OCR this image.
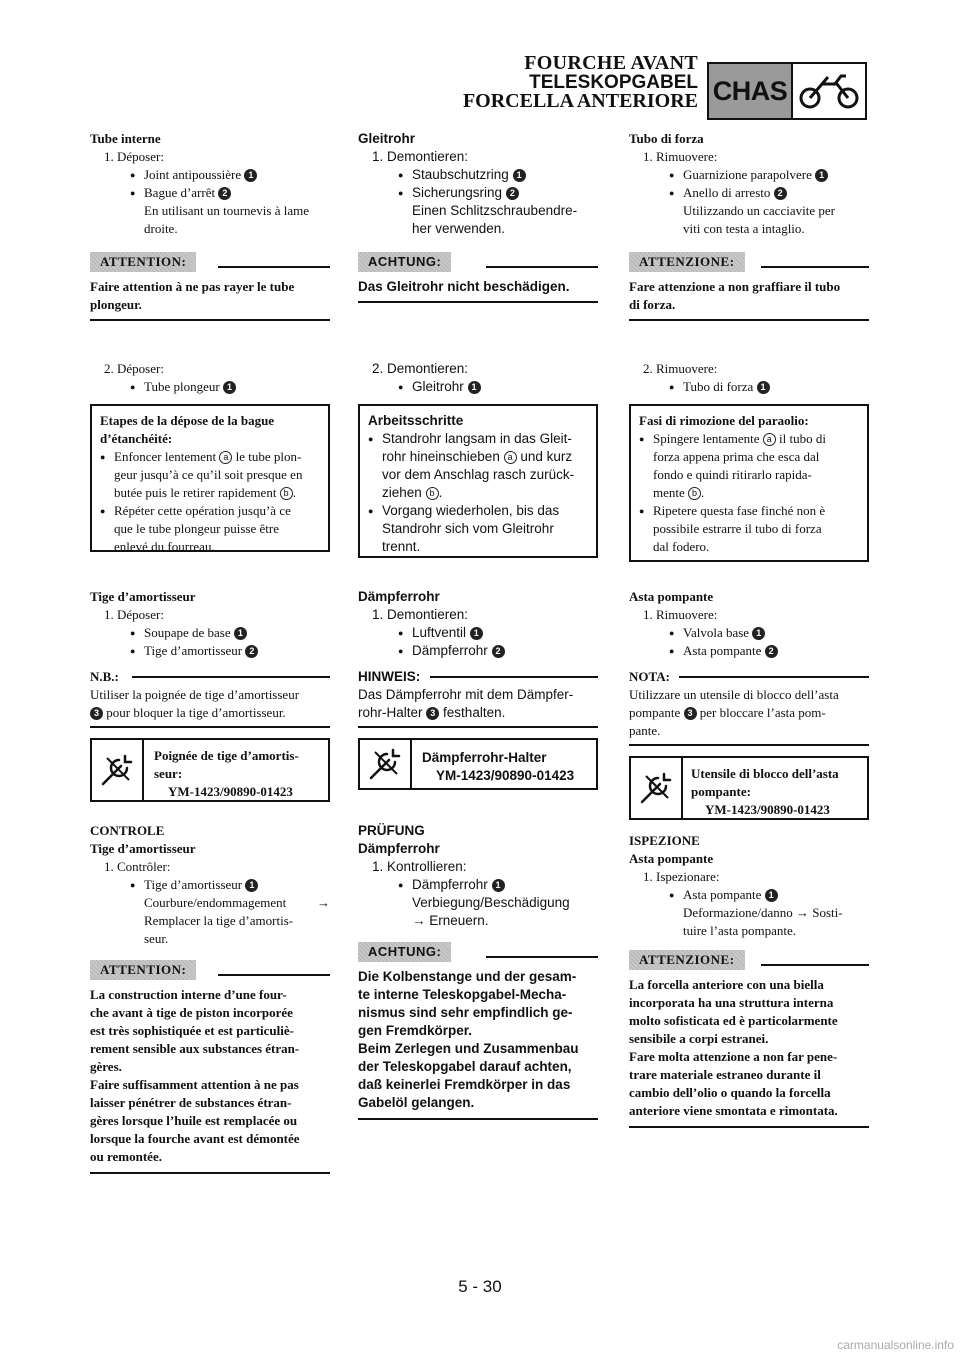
FOURCHE AVANT
TELESKOPGABEL
FORCELLA ANTERIORE CHAS

Tube interne

1. Déposer:

● Joint antipoussière 1

● Bague d’arrêt 2

En utilisant un tournevis à lame

droite.

ATTENTION:

Faire attention à ne pas rayer le tube

plongeur.

2. Déposer:

● Tube plongeur 1

Etapes de la dépose de la bague

d’étanchéité:

● Enfoncer lentement a le tube plon-

geur jusqu’à ce qu’il soit presque en

butée puis le retirer rapidement b .

● Répéter cette opération jusqu’à ce

que le tube plongeur puisse être

enlevé du fourreau.

Tige d’amortisseur

1. Déposer:

● Soupape de base 1

● Tige d’amortisseur 2

N.B.:

Utiliser la poignée de tige d’amortisseur

3 pour bloquer la tige d’amortisseur.

Poignée de tige d’amortis-
seur:
YM-1423/90890-01423

CONTROLE

Tige d’amortisseur

1. Contrôler:

● Tige d’amortisseur 1

Courbure/endommagement →

Remplacer la tige d’amortis-

seur.

ATTENTION:

La construction interne d’une four-

che avant à tige de piston incorporée

est très sophistiquée et est particuliè-

rement sensible aux substances étran-

gères.

Faire suffisamment attention à ne pas

laisser pénétrer de substances étran-

gères lorsque l’huile est remplacée ou

lorsque la fourche avant est démontée

ou remontée.

Gleitrohr

1. Demontieren:

● Staubschutzring 1

● Sicherungsring 2

Einen Schlitzschraubendre-

her verwenden.

ACHTUNG:

Das Gleitrohr nicht beschädigen.

2. Demontieren:

● Gleitrohr 1

Arbeitsschritte

● Standrohr langsam in das Gleit-

rohr hineinschieben a und kurz

vor dem Anschlag rasch zurück-

ziehen b .

● Vorgang wiederholen, bis das

Standrohr sich vom Gleitrohr

trennt.

Dämpferrohr

1. Demontieren:

● Luftventil 1

● Dämpferrohr 2

HINWEIS:

Das Dämpferrohr mit dem Dämpfer-

rohr-Halter 3 festhalten.

Dämpferrohr-Halter
YM-1423/90890-01423

PRÜFUNG

Dämpferrohr

1. Kontrollieren:

● Dämpferrohr 1

Verbiegung/Beschädigung

→ Erneuern.

ACHTUNG:

Die Kolbenstange und der gesam-

te interne Teleskopgabel-Mecha-

nismus sind sehr empfindlich ge-

gen Fremdkörper.

Beim Zerlegen und Zusammenbau

der Teleskopgabel darauf achten,

daß keinerlei Fremdkörper in das

Gabelöl gelangen.

Tubo di forza

1. Rimuovere:

● Guarnizione parapolvere 1

● Anello di arresto 2

Utilizzando un cacciavite per

viti con testa a intaglio.

ATTENZIONE:

Fare attenzione a non graffiare il tubo

di forza.

2. Rimuovere:

● Tubo di forza 1

Fasi di rimozione del paraolio:

● Spingere lentamente a il tubo di

forza appena prima che esca dal

fondo e quindi ritirarlo rapida-

mente b .

● Ripetere questa fase finché non è

possibile estrarre il tubo di forza

dal fodero.

Asta pompante

1. Rimuovere:

● Valvola base 1

● Asta pompante 2

NOTA:

Utilizzare un utensile di blocco dell’asta

pompante 3 per bloccare l’asta pom-

pante.

Utensile di blocco dell’asta
pompante:
YM-1423/90890-01423

ISPEZIONE

Asta pompante

1. Ispezionare:

● Asta pompante 1

Deformazione/danno → Sosti-

tuire l’asta pompante.

ATTENZIONE:

La forcella anteriore con una biella

incorporata ha una struttura interna

molto sofisticata ed è particolarmente

sensibile a corpi estranei.

Fare molta attenzione a non far pene-

trare materiale estraneo durante il

cambio dell’olio o quando la forcella

anteriore viene smontata e rimontata.

5 - 30
carmanualsonline.info
